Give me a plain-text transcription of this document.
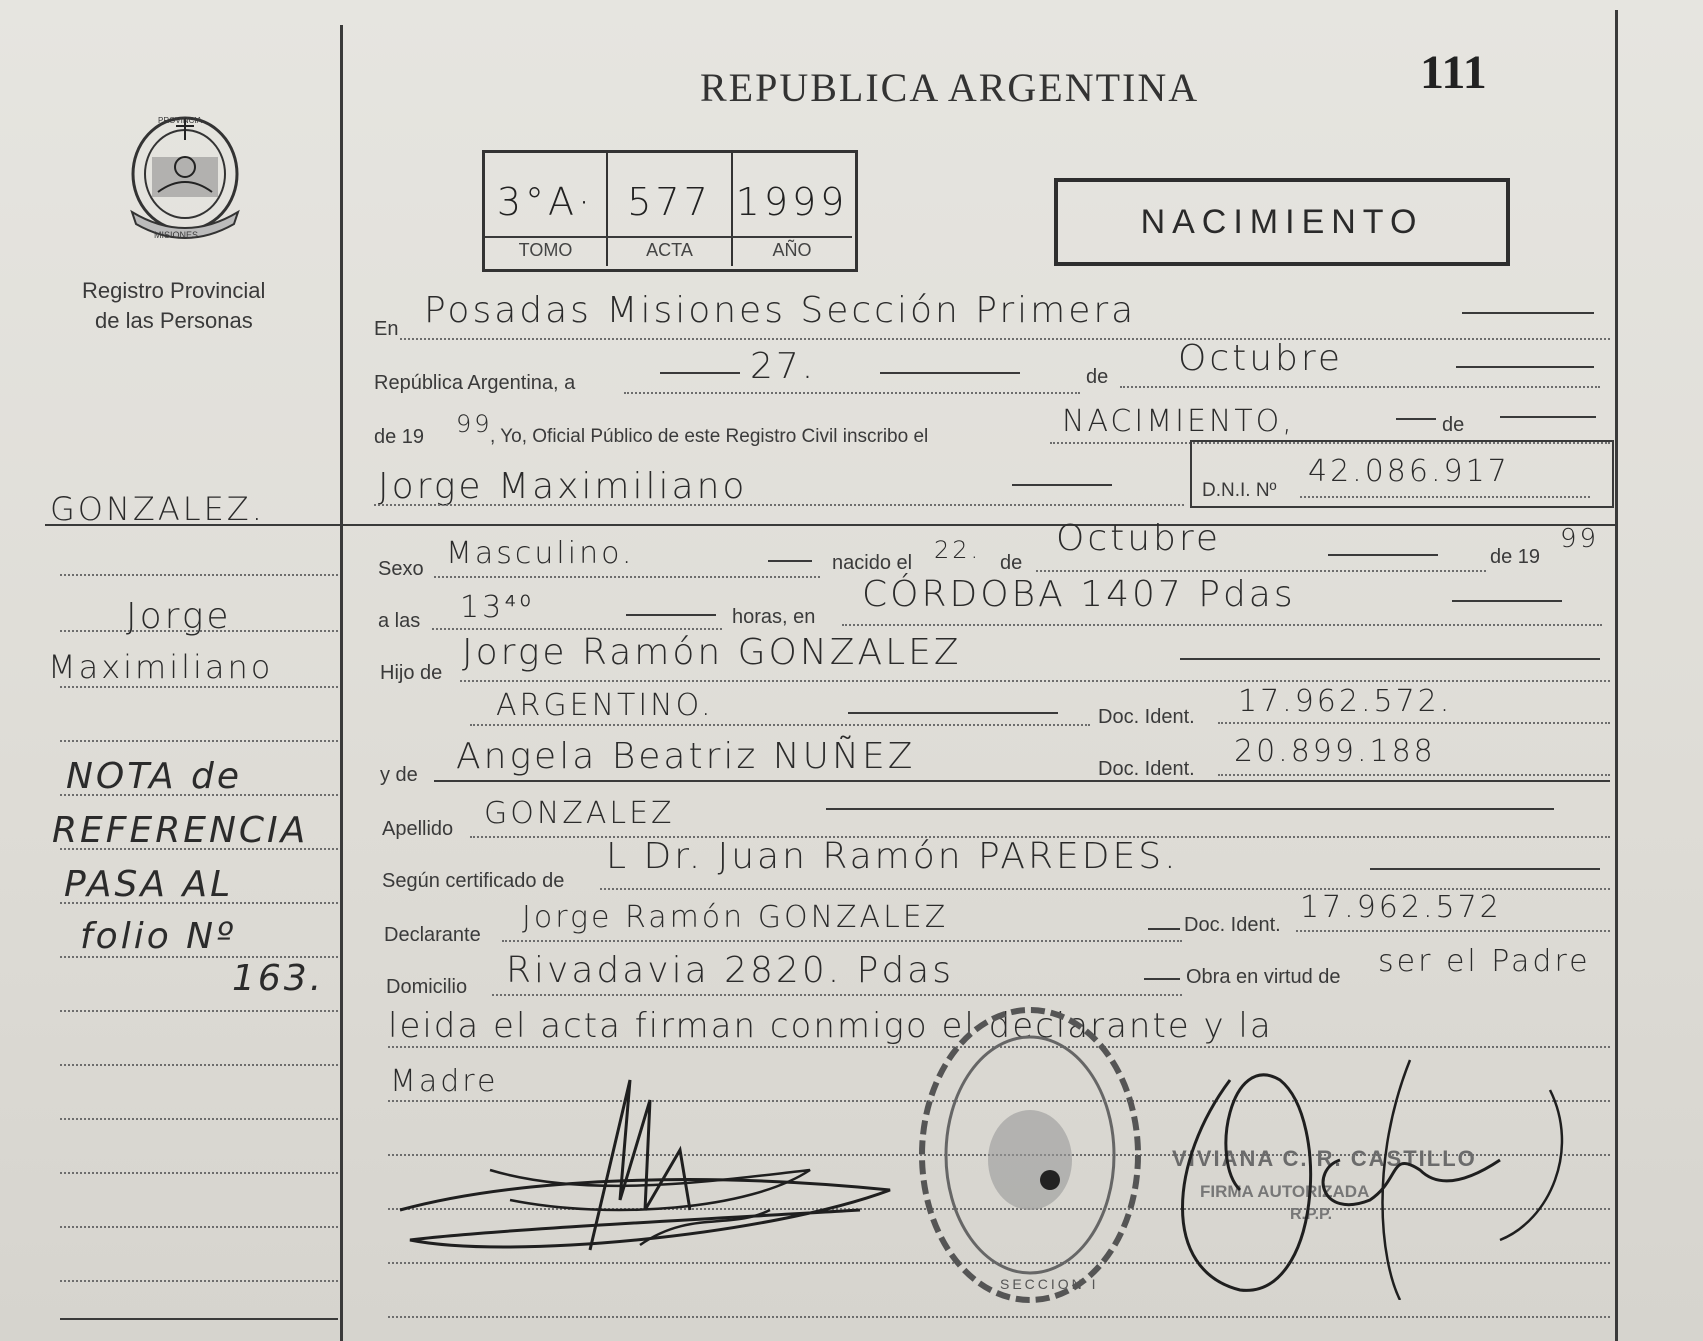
PROVINCIA
MISIONES
Registro Provincial
de las Personas
REPUBLICA ARGENTINA	111
3°A· 577 1999
TOMO	ACTA	AÑO
NACIMIENTO
En Posadas Misiones Sección Primera
República Argentina, a	27.	de Octubre
de 19 99
, Yo, Oficial Público de este Registro Civil inscribo el	NACIMIENTO,	de
Jorge Maximiliano	D.N.I. Nº
42.086.917
Sexo Masculino.	nacido el 22. de
Octubre	de 19
99
a las 13⁴⁰	horas, en
CÓRDOBA 1407 Pdas
Hijo de Jorge Ramón GONZALEZ
ARGENTINO.	Doc. Ident. 17.962.572.
y de Angela Beatriz NUÑEZ	Doc. Ident. 20.899.188
Apellido GONZALEZ
Según certificado de
L Dr. Juan Ramón PAREDES.
Declarante Jorge Ramón GONZALEZ	Doc. Ident. 17.962.572
Domicilio Rivadavia 2820. Pdas	Obra en virtud de ser el Padre
leida el acta firman conmigo el declarante y la
Madre
GONZALEZ.
Jorge
Maximiliano
NOTA de
REFERENCIA
PASA AL
folio Nº
163.
SECCION I
VIVIANA C. R. CASTILLO
FIRMA AUTORIZADA
R.P.P.
